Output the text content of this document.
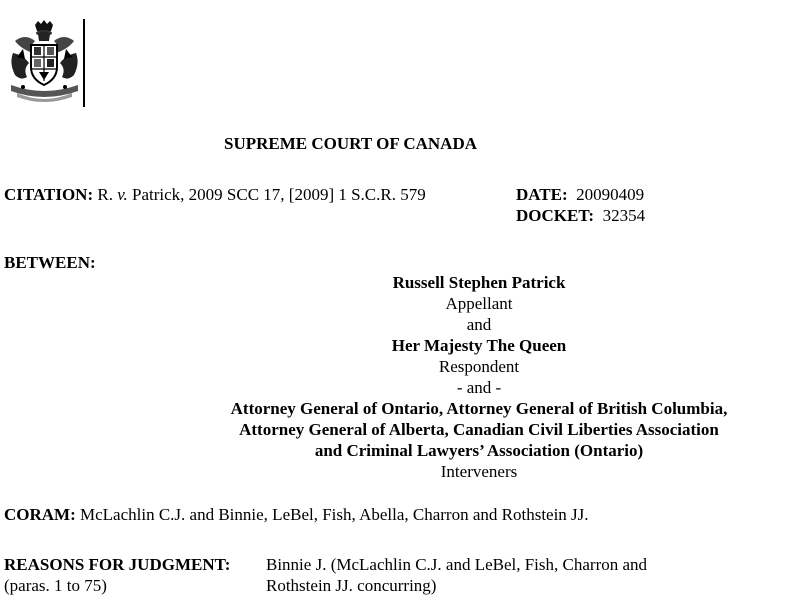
SUPREME COURT OF CANADA
CITATION: R. v. Patrick, 2009 SCC 17, [2009] 1 S.C.R. 579	DATE: 20090409
DOCKET: 32354
BETWEEN:
Russell Stephen Patrick
Appellant
and
Her Majesty The Queen
Respondent
- and -
Attorney General of Ontario, Attorney General of British Columbia,
Attorney General of Alberta, Canadian Civil Liberties Association
and Criminal Lawyers’ Association (Ontario)
Interveners
CORAM: McLachlin C.J. and Binnie, LeBel, Fish, Abella, Charron and Rothstein JJ.
REASONS FOR JUDGMENT:
(paras. 1 to 75)
Binnie J. (McLachlin C.J. and LeBel, Fish, Charron and
Rothstein JJ. concurring)
